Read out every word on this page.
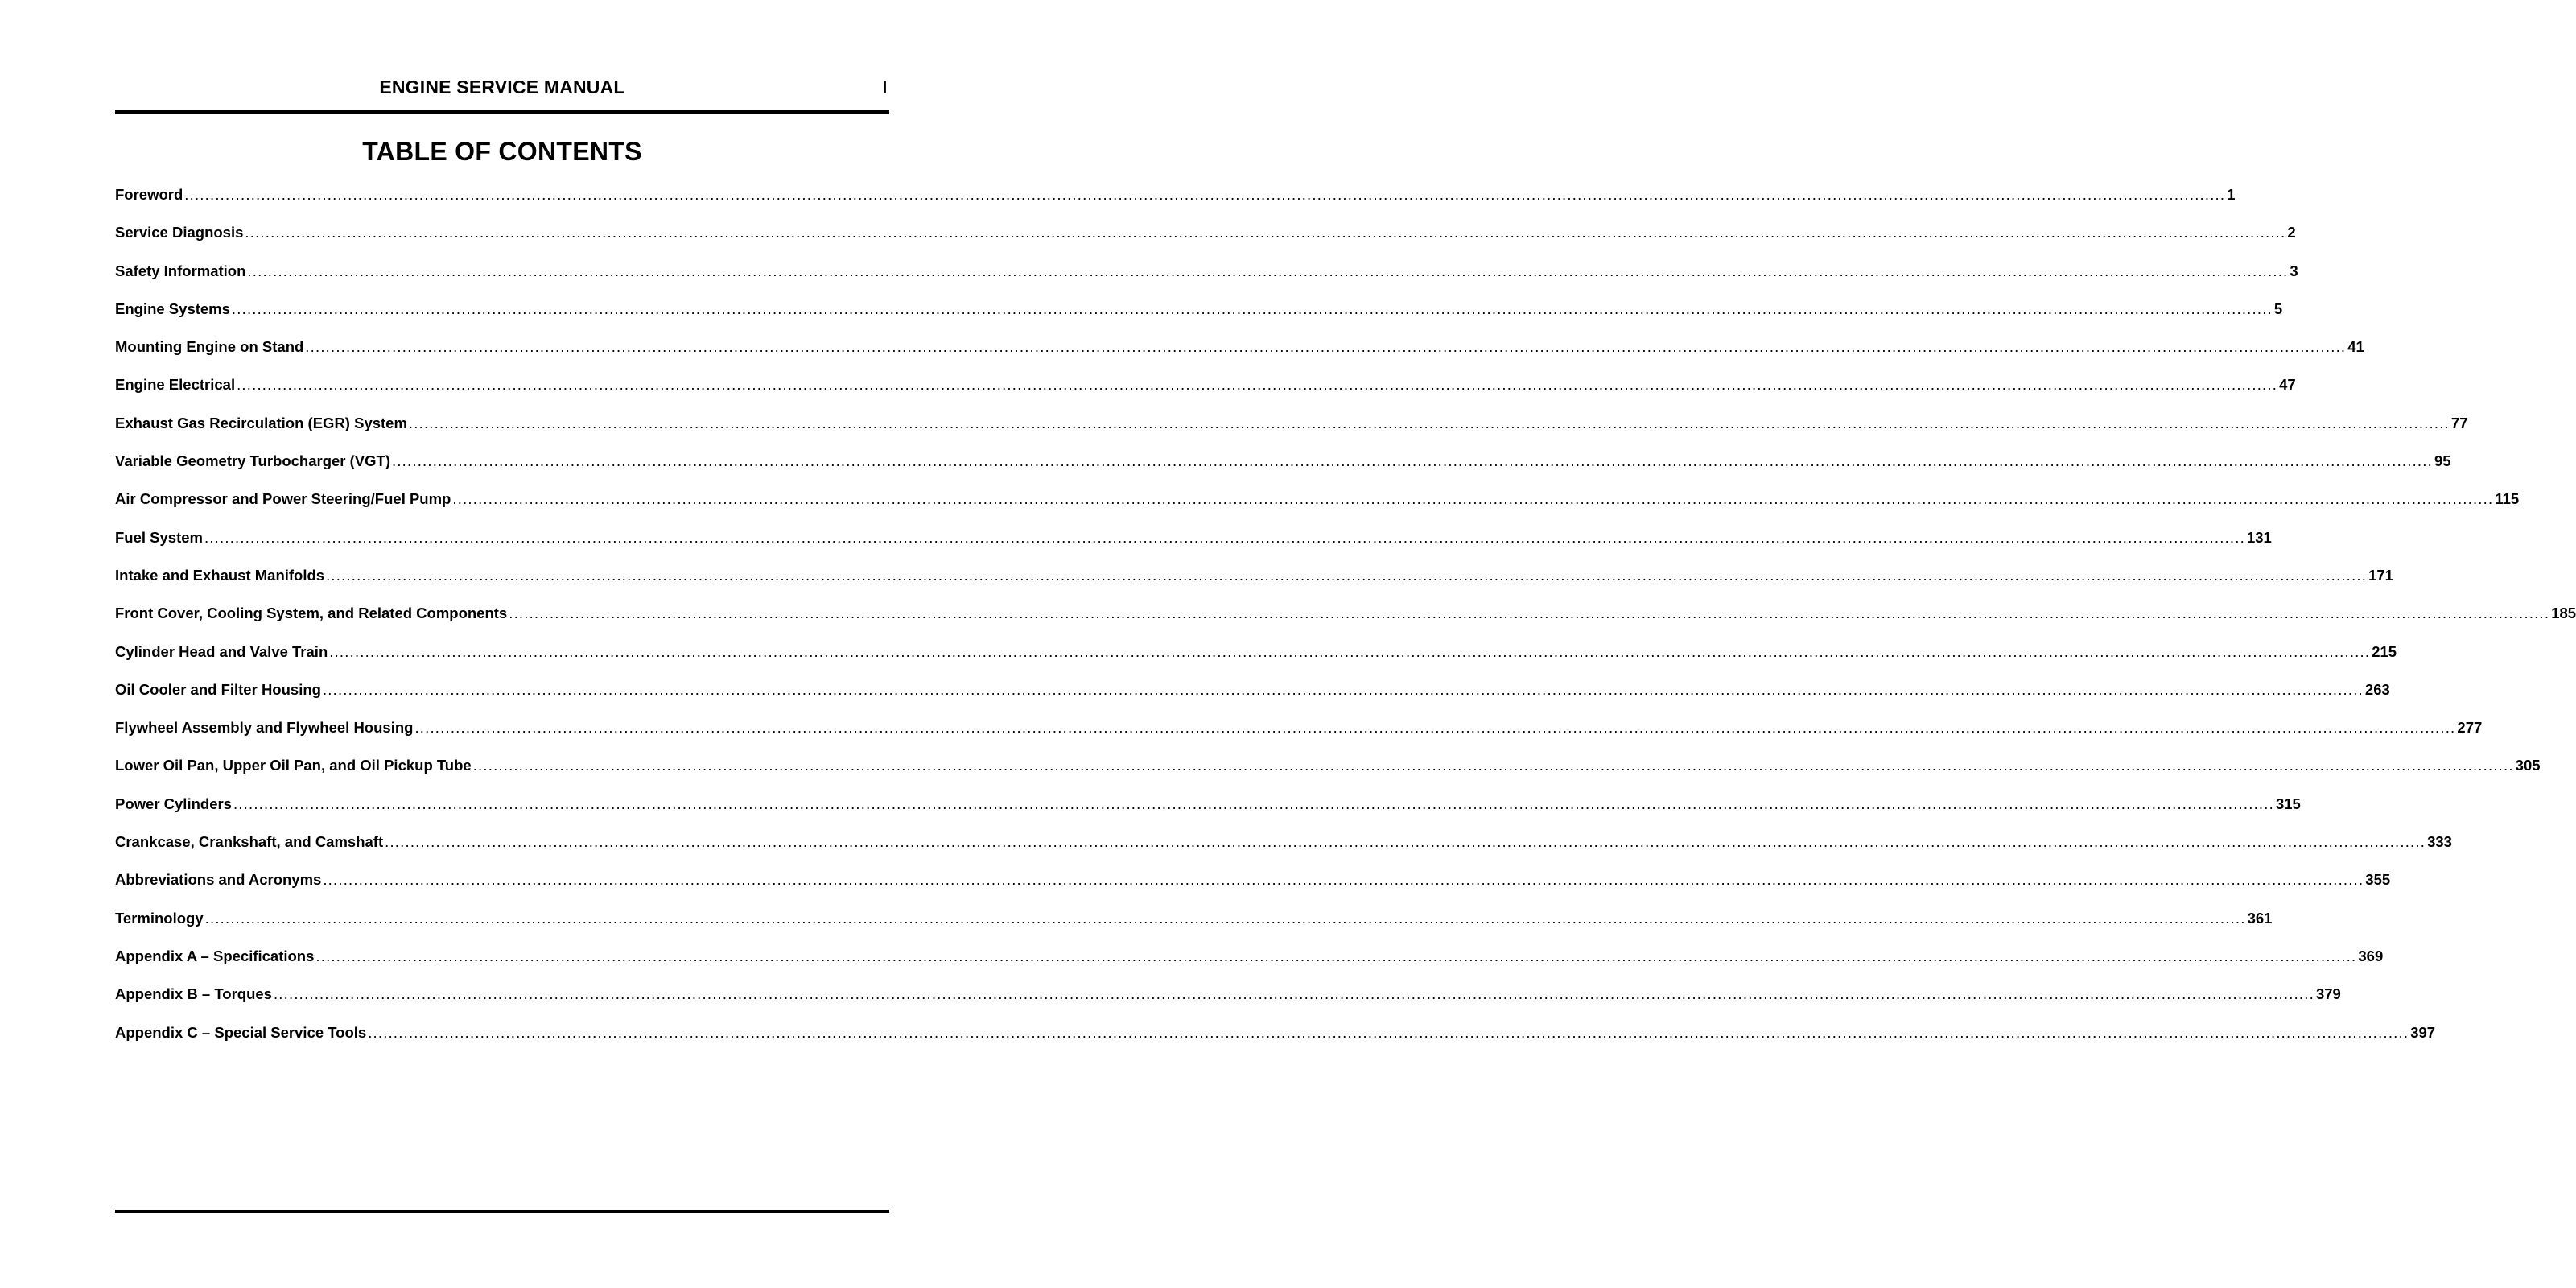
ENGINE SERVICE MANUAL	I
TABLE OF CONTENTS
Foreword ................................................................................................................................................................................................................................................................................................................................................................................................................ 1
Service Diagnosis ................................................................................................................................................................................................................................................................................................................................................................................................................ 2
Safety Information ................................................................................................................................................................................................................................................................................................................................................................................................................ 3
Engine Systems ................................................................................................................................................................................................................................................................................................................................................................................................................ 5
Mounting Engine on Stand ................................................................................................................................................................................................................................................................................................................................................................................................................ 41
Engine Electrical ................................................................................................................................................................................................................................................................................................................................................................................................................ 47
Exhaust Gas Recirculation (EGR) System ................................................................................................................................................................................................................................................................................................................................................................................................................ 77
Variable Geometry Turbocharger (VGT) ................................................................................................................................................................................................................................................................................................................................................................................................................ 95
Air Compressor and Power Steering/Fuel Pump ................................................................................................................................................................................................................................................................................................................................................................................................................ 115
Fuel System ................................................................................................................................................................................................................................................................................................................................................................................................................ 131
Intake and Exhaust Manifolds ................................................................................................................................................................................................................................................................................................................................................................................................................ 171
Front Cover, Cooling System, and Related Components ................................................................................................................................................................................................................................................................................................................................................................................................................ 185
Cylinder Head and Valve Train ................................................................................................................................................................................................................................................................................................................................................................................................................ 215
Oil Cooler and Filter Housing ................................................................................................................................................................................................................................................................................................................................................................................................................ 263
Flywheel Assembly and Flywheel Housing ................................................................................................................................................................................................................................................................................................................................................................................................................ 277
Lower Oil Pan, Upper Oil Pan, and Oil Pickup Tube ................................................................................................................................................................................................................................................................................................................................................................................................................ 305
Power Cylinders ................................................................................................................................................................................................................................................................................................................................................................................................................ 315
Crankcase, Crankshaft, and Camshaft ................................................................................................................................................................................................................................................................................................................................................................................................................ 333
Abbreviations and Acronyms ................................................................................................................................................................................................................................................................................................................................................................................................................ 355
Terminology ................................................................................................................................................................................................................................................................................................................................................................................................................ 361
Appendix A – Specifications ................................................................................................................................................................................................................................................................................................................................................................................................................ 369
Appendix B – Torques ................................................................................................................................................................................................................................................................................................................................................................................................................ 379
Appendix C – Special Service Tools ................................................................................................................................................................................................................................................................................................................................................................................................................ 397
